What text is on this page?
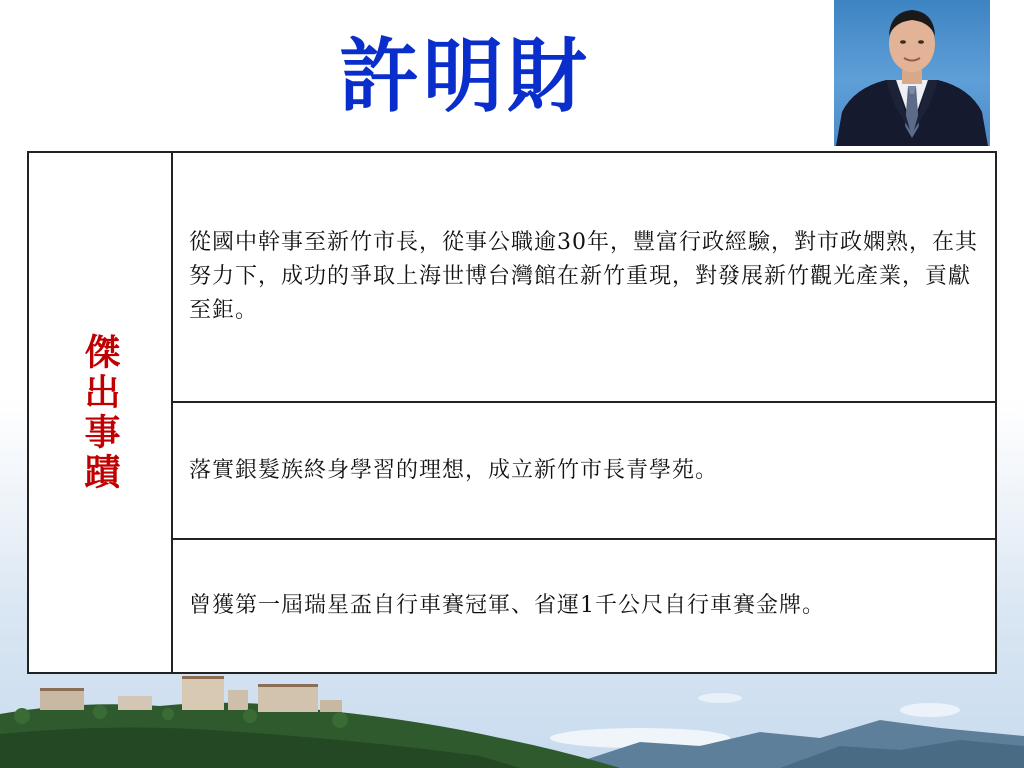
許明財
傑出事蹟
從國中幹事至新竹市長，從事公職逾30年，豐富行政經驗，對市政嫻熟，在其努力下，成功的爭取上海世博台灣館在新竹重現，對發展新竹觀光產業，貢獻至鉅。
落實銀髮族終身學習的理想，成立新竹市長青學苑。
曾獲第一屆瑞星盃自行車賽冠軍、省運1千公尺自行車賽金牌。
